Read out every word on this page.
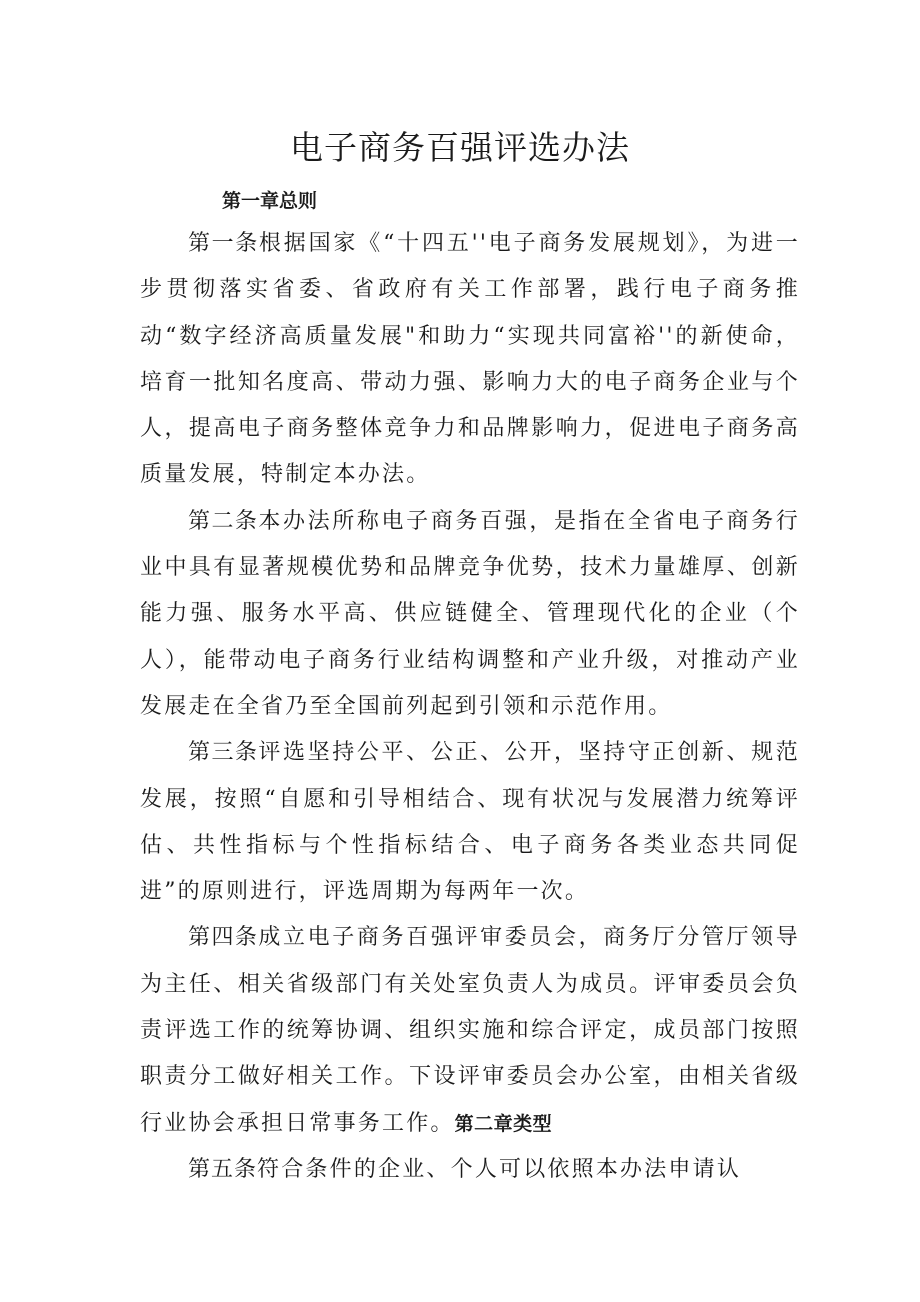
电子商务百强评选办法
第一章总则

第一条根据国家《“十四五''电子商务发展规划》，为进一步贯彻落实省委、省政府有关工作部署，践行电子商务推动“数字经济高质量发展"和助力“实现共同富裕''的新使命，培育一批知名度高、带动力强、影响力大的电子商务企业与个人，提高电子商务整体竞争力和品牌影响力，促进电子商务高质量发展，特制定本办法。

第二条本办法所称电子商务百强，是指在全省电子商务行业中具有显著规模优势和品牌竞争优势，技术力量雄厚、创新能力强、服务水平高、供应链健全、管理现代化的企业（个人），能带动电子商务行业结构调整和产业升级，对推动产业发展走在全省乃至全国前列起到引领和示范作用。

第三条评选坚持公平、公正、公开，坚持守正创新、规范发展，按照“自愿和引导相结合、现有状况与发展潜力统筹评估、共性指标与个性指标结合、电子商务各类业态共同促进”的原则进行，评选周期为每两年一次。

第四条成立电子商务百强评审委员会，商务厅分管厅领导为主任、相关省级部门有关处室负责人为成员。评审委员会负责评选工作的统筹协调、组织实施和综合评定，成员部门按照职责分工做好相关工作。下设评审委员会办公室，由相关省级行业协会承担日常事务工作。第二章类型

第五条符合条件的企业、个人可以依照本办法申请认
